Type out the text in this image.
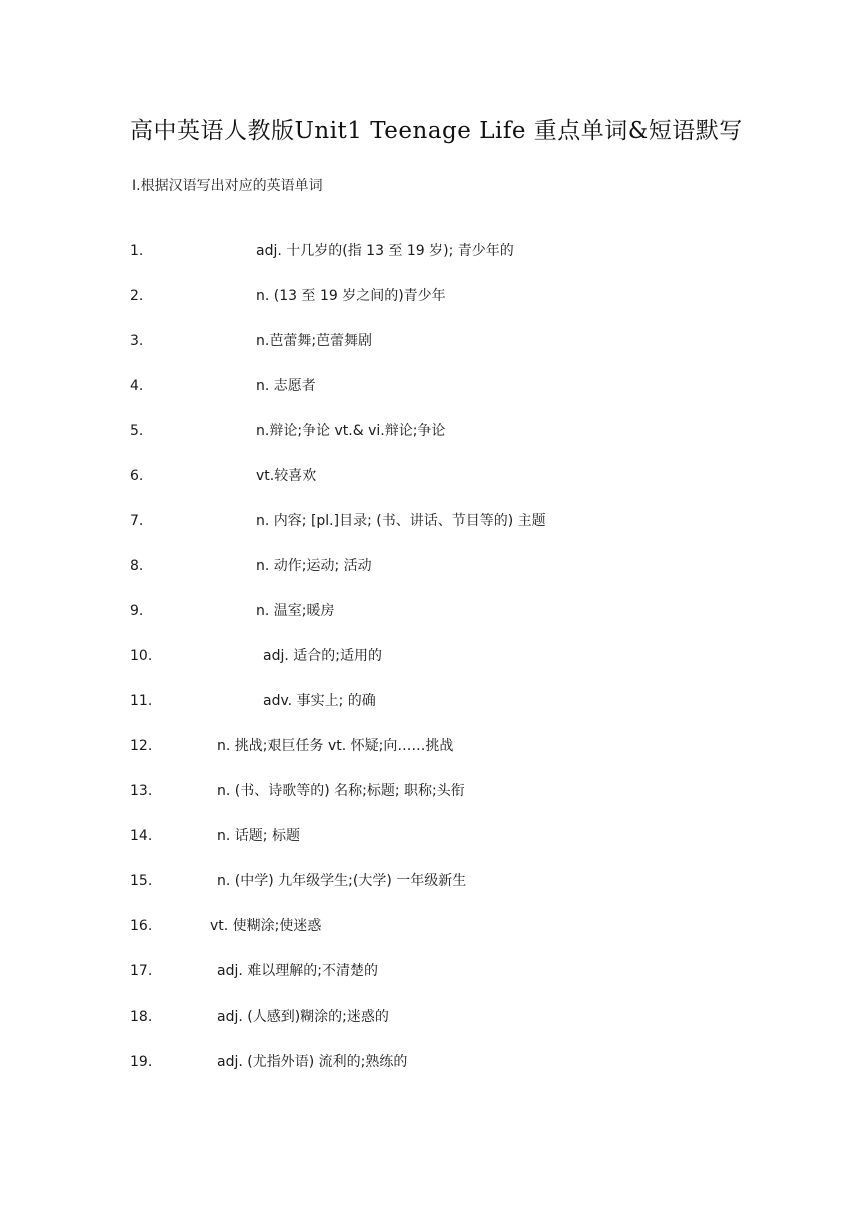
高中英语人教版Unit1 Teenage Life 重点单词&短语默写
Ⅰ.根据汉语写出对应的英语单词
1.	adj. 十几岁的(指 13 至 19 岁); 青少年的
2.	n. (13 至 19 岁之间的)青少年
3.	n.芭蕾舞;芭蕾舞剧
4.	n. 志愿者
5.	n.辩论;争论 vt.& vi.辩论;争论
6.	vt.较喜欢
7.	n. 内容; [pl.]目录; (书、讲话、节目等的) 主题
8.	n. 动作;运动; 活动
9.	n. 温室;暖房
10.	adj. 适合的;适用的
11.	adv. 事实上; 的确
12.	n. 挑战;艰巨任务 vt. 怀疑;向……挑战
13.	n. (书、诗歌等的) 名称;标题; 职称;头衔
14.	n. 话题; 标题
15.	n. (中学) 九年级学生;(大学) 一年级新生
16.	vt. 使糊涂;使迷惑
17.	adj. 难以理解的;不清楚的
18.	adj. (人感到)糊涂的;迷惑的
19.	adj. (尤指外语) 流利的;熟练的
